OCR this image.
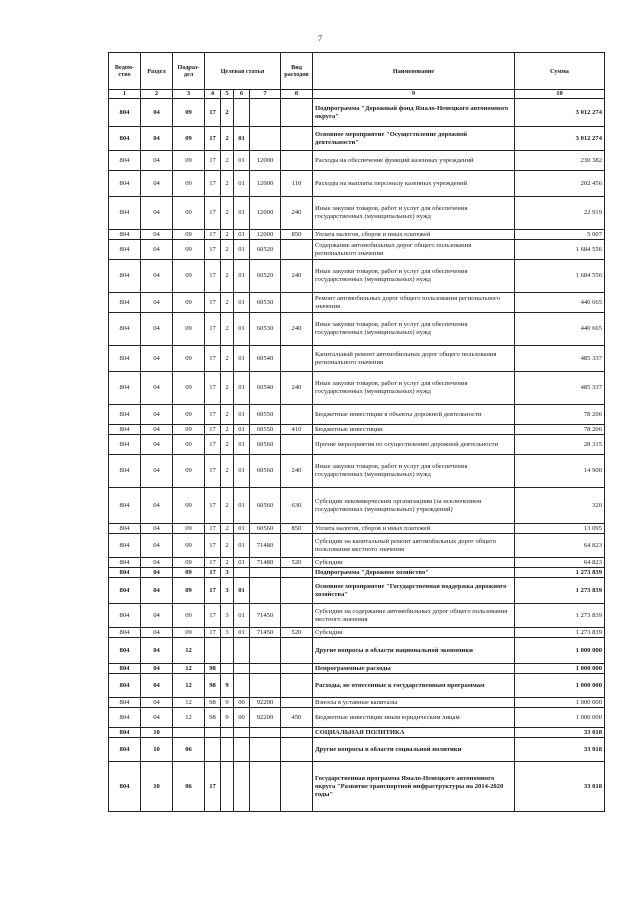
7
Ведом-ство	Раздел	Подраз-дел	Целевая статья				Вид расходов	Наименование	Сумма
1	2	3	4	5	6	7	8	9	10
804	04	09	17	2				Подпрограмма "Дорожный фонд Ямало-Ненецкого автономного округа"	3 012 274
804	04	09	17	2	01			Основное мероприятие "Осуществление дорожной деятельности"	3 012 274
804	04	09	17	2	01	12000		Расходы на обеспечение функций казенных учреждений	230 382
804	04	09	17	2	01	12000	110	Расходы на выплаты персоналу казенных учреждений	202 456
804	04	09	17	2	01	12000	240	Иные закупки товаров, работ и услуг для обеспечения государственных (муниципальных) нужд	22 919
804	04	09	17	2	01	12000	850	Уплата налогов, сборов и иных платежей	5 007
804	04	09	17	2	01	60520		Содержание автомобильных дорог общего пользования регионального значения	1 684 556
804	04	09	17	2	01	60520	240	Иные закупки товаров, работ и услуг для обеспечения государственных (муниципальных) нужд	1 684 556
804	04	09	17	2	01	60530		Ремонт автомобильных дорог общего пользования регионального значения	440 665
804	04	09	17	2	01	60530	240	Иные закупки товаров, работ и услуг для обеспечения государственных (муниципальных) нужд	440 665
804	04	09	17	2	01	60540		Капитальный ремонт автомобильных дорог общего пользования регионального значения	485 337
804	04	09	17	2	01	60540	240	Иные закупки товаров, работ и услуг для обеспечения государственных (муниципальных) нужд	485 337
804	04	09	17	2	01	60550		Бюджетные инвестиции в объекты дорожной деятельности	78 206
804	04	09	17	2	01	60550	410	Бюджетные инвестиции	78 206
804	04	09	17	2	01	60560		Прочие мероприятия по осуществлению дорожной деятельности	28 315
804	04	09	17	2	01	60560	240	Иные закупки товаров, работ и услуг для обеспечения государственных (муниципальных) нужд	14 900
804	04	09	17	2	01	60560	630	Субсидии некоммерческим организациям (за исключением государственных (муниципальных) учреждений)	320
804	04	09	17	2	01	60560	850	Уплата налогов, сборов и иных платежей	13 095
804	04	09	17	2	01	71480		Субсидии на капитальный ремонт автомобильных дорог общего пользования местного значения	64 823
804	04	09	17	2	01	71480	520	Субсидии	64 823
804	04	09	17	3				Подпрограмма "Дорожное хозяйство"	1 273 839
804	04	09	17	3	01			Основное мероприятие "Государственная поддержка дорожного хозяйства"	1 273 839
804	04	09	17	3	01	71450		Субсидии на содержание автомобильных дорог общего пользования местного значения	1 273 839
804	04	09	17	3	01	71450	520	Субсидии	1 273 839
804	04	12						Другие вопросы в области национальной экономики	1 000 000
804	04	12	98					Непрограммные расходы	1 000 000
804	04	12	98	9				Расходы, не отнесенные к государственным программам	1 000 000
804	04	12	98	9	00	92200		Взносы в уставные капиталы	1 000 000
804	04	12	98	9	00	92200	450	Бюджетные инвестиции иным юридическим лицам	1 000 000
804	10							СОЦИАЛЬНАЯ ПОЛИТИКА	33 018
804	10	06						Другие вопросы в области социальной политики	33 018
804	10	06	17					Государственная программа Ямало-Ненецкого автономного округа "Развитие транспортной инфраструктуры на 2014-2020 годы"	33 018
